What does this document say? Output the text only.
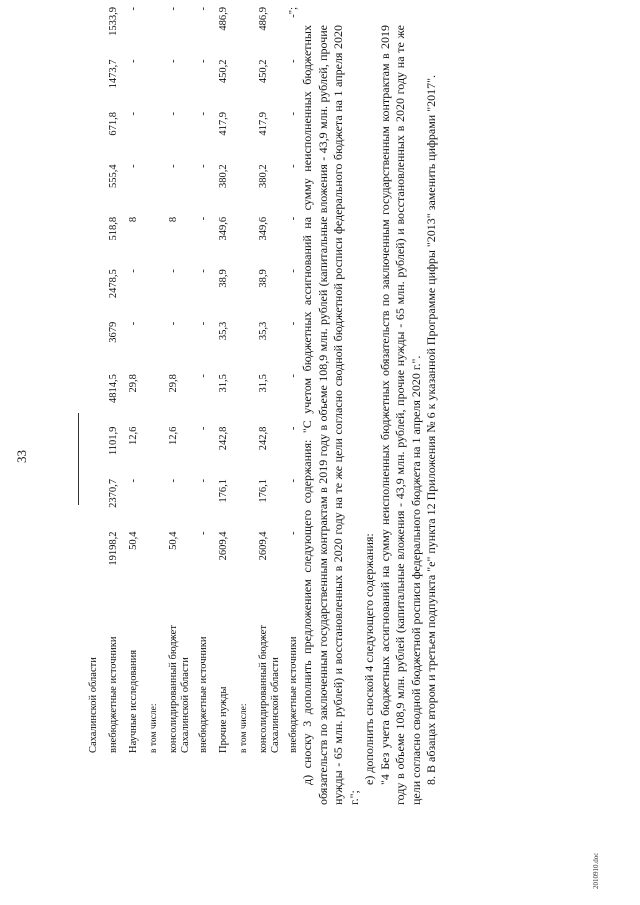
33
Сахалинской области											
внебюджетные источники	19198,2	2370,7	1101,9	4814,5	3679	2478,5	518,8	555,4	671,8	1473,7	1533,9
Научные исследования	50,4	-	12,6	29,8	-	-	8	-	-	-	-
в том числе:											
консолидированный бюджет Сахалинской области	50,4	-	12,6	29,8	-	-	8	-	-	-	-
внебюджетные источники	-	-	-	-	-	-	-	-	-	-	-
Прочие нужды	2609,4	176,1	242,8	31,5	35,3	38,9	349,6	380,2	417,9	450,2	486,9
в том числе:											
консолидированный бюджет Сахалинской области	2609,4	176,1	242,8	31,5	35,3	38,9	349,6	380,2	417,9	450,2	486,9
внебюджетные источники	-	-	-	-	-	-	-	-	-	-	-";

д) сноску 3 дополнить предложением следующего содержания: "С учетом бюджетных ассигнований на сумму неисполненных бюджетных обязательств по заключенным государственным контрактам в 2019 году в объеме 108,9 млн. рублей (капитальные вложения - 43,9 млн. рублей, прочие нужды - 65 млн. рублей) и восстановленных в 2020 году на те же цели согласно сводной бюджетной росписи федерального бюджета на 1 апреля 2020 г.";

е) дополнить сноской 4 следующего содержания: "4 Без учета бюджетных ассигнований на сумму неисполненных бюджетных обязательств по заключенным государственным контрактам в 2019 году в объеме 108,9 млн. рублей (капитальные вложения - 43,9 млн. рублей, прочие нужды - 65 млн. рублей) и восстановленных в 2020 году на те же цели согласно сводной бюджетной росписи федерального бюджета на 1 апреля 2020 г.". 8. В абзацах втором и третьем подпункта "е" пункта 12 Приложения № 6 к указанной Программе цифры "2013" заменить цифрами "2017".

2010910.doc
